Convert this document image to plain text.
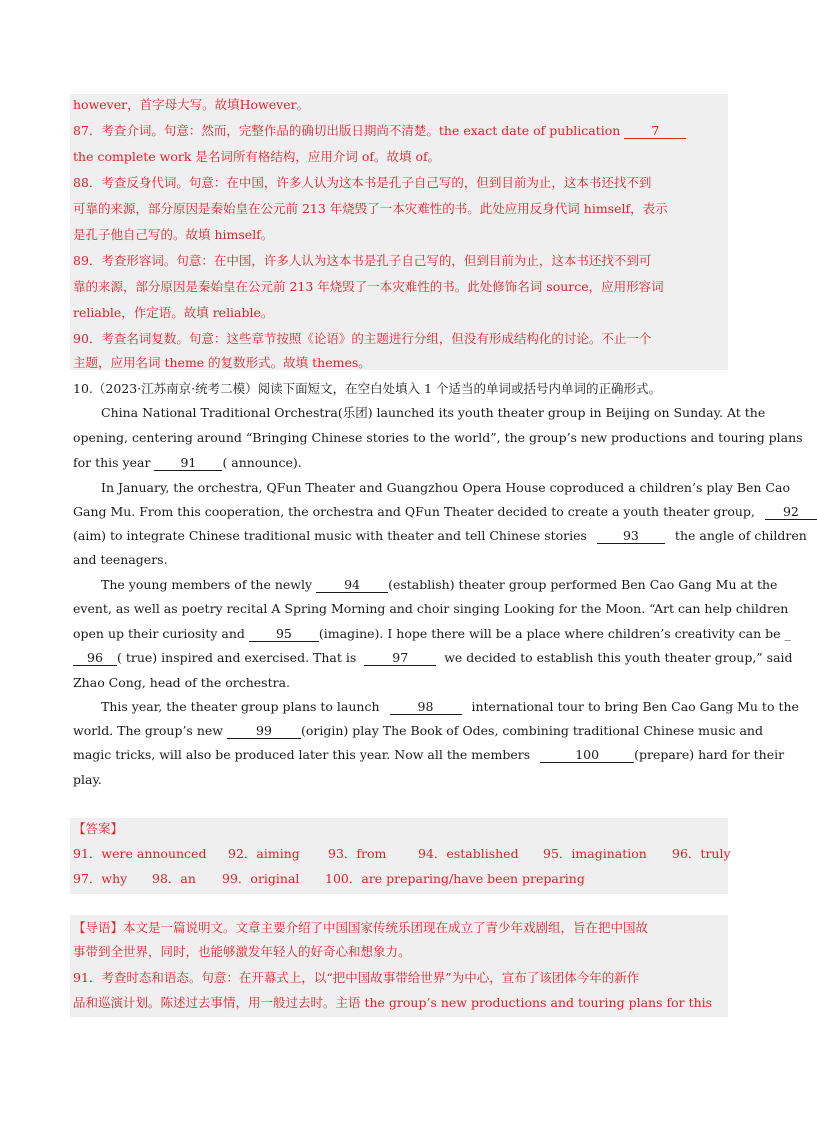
however，首字母大写。故填However。
87．考查介词。句意：然而，完整作品的确切出版日期尚不清楚。the exact date of publication 7
the complete work 是名词所有格结构，应用介词 of。故填 of。
88．考查反身代词。句意：在中国，许多人认为这本书是孔子自己写的，但到目前为止，这本书还找不到
可靠的来源，部分原因是秦始皇在公元前 213 年烧毁了一本灾难性的书。此处应用反身代词 himself，表示
是孔子他自己写的。故填 himself。
89．考查形容词。句意：在中国，许多人认为这本书是孔子自己写的，但到目前为止，这本书还找不到可
靠的来源，部分原因是秦始皇在公元前 213 年烧毁了一本灾难性的书。此处修饰名词 source，应用形容词
reliable，作定语。故填 reliable。
90．考查名词复数。句意：这些章节按照《论语》的主题进行分组，但没有形成结构化的讨论。不止一个
主题，应用名词 theme 的复数形式。故填 themes。
10.（2023·江苏南京·统考二模）阅读下面短文，在空白处填入 1 个适当的单词或括号内单词的正确形式。
China National Traditional Orchestra(乐团) launched its youth theater group in Beijing on Sunday. At the
opening, centering around “Bringing Chinese stories to the world”, the group’s new productions and touring plans
for this year 91 ( announce).
In January, the orchestra, QFun Theater and Guangzhou Opera House coproduced a children’s play Ben Cao
Gang Mu. From this cooperation, the orchestra and QFun Theater decided to create a youth theater group, 92
(aim) to integrate Chinese traditional music with theater and tell Chinese stories	93	the angle of children
and teenagers.
The young members of the newly	94 (establish) theater group performed Ben Cao Gang Mu at the
event, as well as poetry recital A Spring Morning and choir singing Looking for the Moon. “Art can help children
open up their curiosity and 95 (imagine). I hope there will be a place where children’s creativity can be _
96 ( true) inspired and exercised. That is	97	we decided to establish this youth theater group,” said
Zhao Cong, head of the orchestra.
This year, the theater group plans to launch	98	international tour to bring Ben Cao Gang Mu to the
world. The group’s new	99 (origin) play The Book of Odes, combining traditional Chinese music and
magic tricks, will also be produced later this year. Now all the members	100	(prepare) hard for their
play.
【答案】
91．were announced 92．aiming 93．from	94．established 95．imagination 96．truly
97．why 98．an 99．original 100．are preparing/have been preparing
【导语】本文是一篇说明文。文章主要介绍了中国国家传统乐团现在成立了青少年戏剧组，旨在把中国故
事带到全世界，同时，也能够激发年轻人的好奇心和想象力。
91．考查时态和语态。句意：在开幕式上，以“把中国故事带给世界”为中心，宣布了该团体今年的新作
品和巡演计划。陈述过去事情，用一般过去时。主语 the group’s new productions and touring plans for this
